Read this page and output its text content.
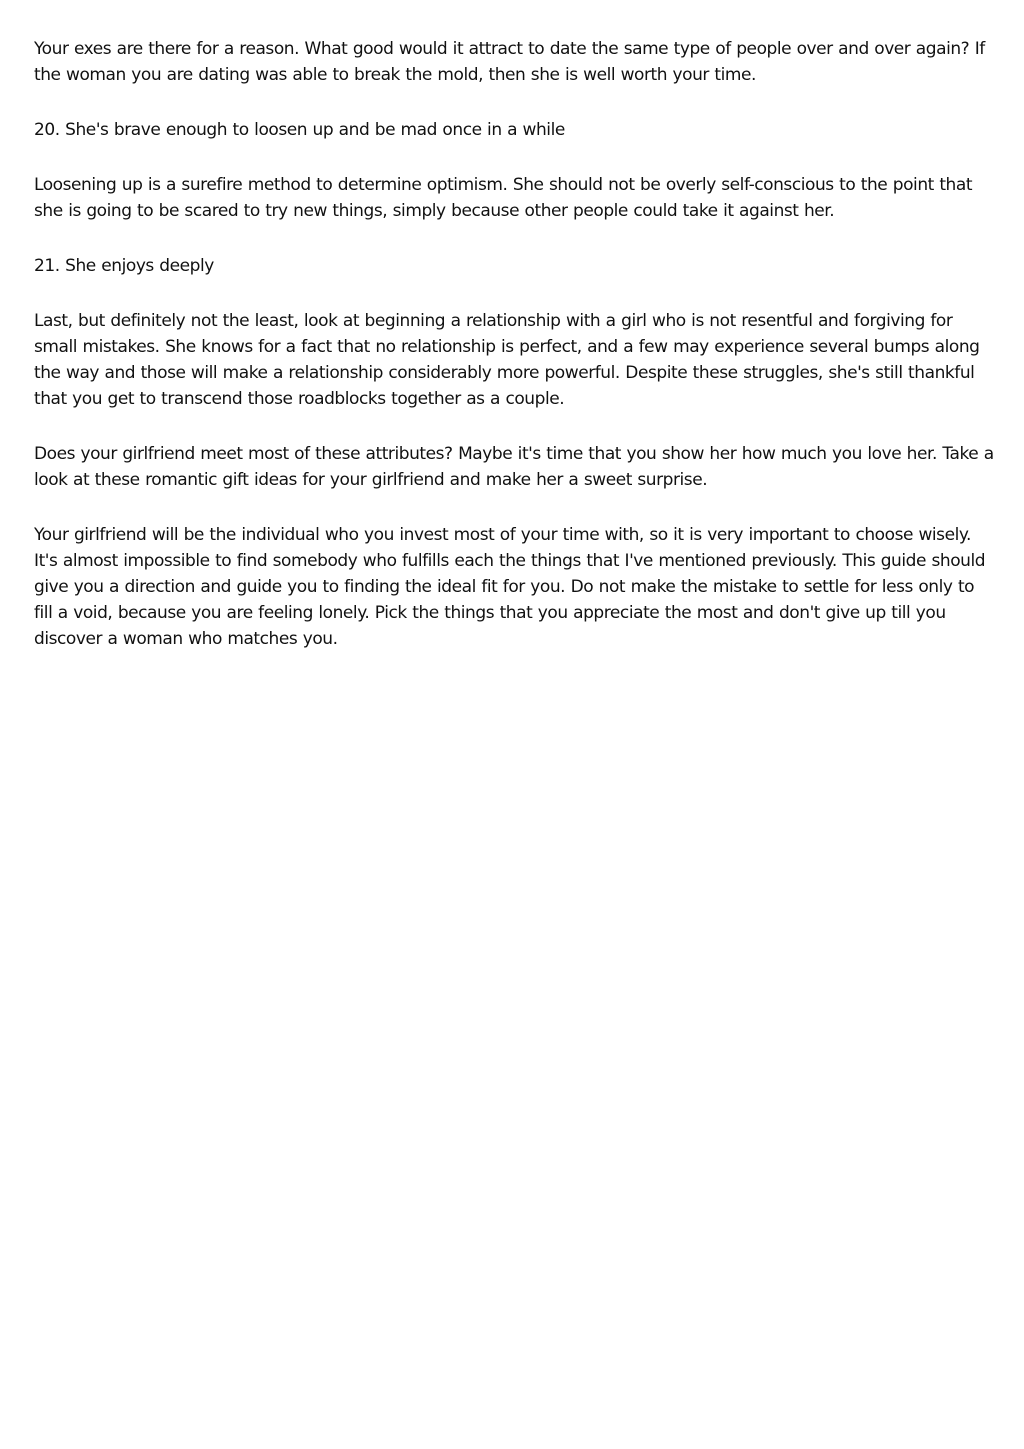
Your exes are there for a reason. What good would it attract to date the same type of people over and over again? If the woman you are dating was able to break the mold, then she is well worth your time.

20. She's brave enough to loosen up and be mad once in a while

Loosening up is a surefire method to determine optimism. She should not be overly self-conscious to the point that she is going to be scared to try new things, simply because other people could take it against her.

21. She enjoys deeply

Last, but definitely not the least, look at beginning a relationship with a girl who is not resentful and forgiving for small mistakes. She knows for a fact that no relationship is perfect, and a few may experience several bumps along the way and those will make a relationship considerably more powerful. Despite these struggles, she's still thankful that you get to transcend those roadblocks together as a couple.

Does your girlfriend meet most of these attributes? Maybe it's time that you show her how much you love her. Take a look at these romantic gift ideas for your girlfriend and make her a sweet surprise.

Your girlfriend will be the individual who you invest most of your time with, so it is very important to choose wisely. It's almost impossible to find somebody who fulfills each the things that I've mentioned previously. This guide should give you a direction and guide you to finding the ideal fit for you. Do not make the mistake to settle for less only to fill a void, because you are feeling lonely. Pick the things that you appreciate the most and don't give up till you discover a woman who matches you.
